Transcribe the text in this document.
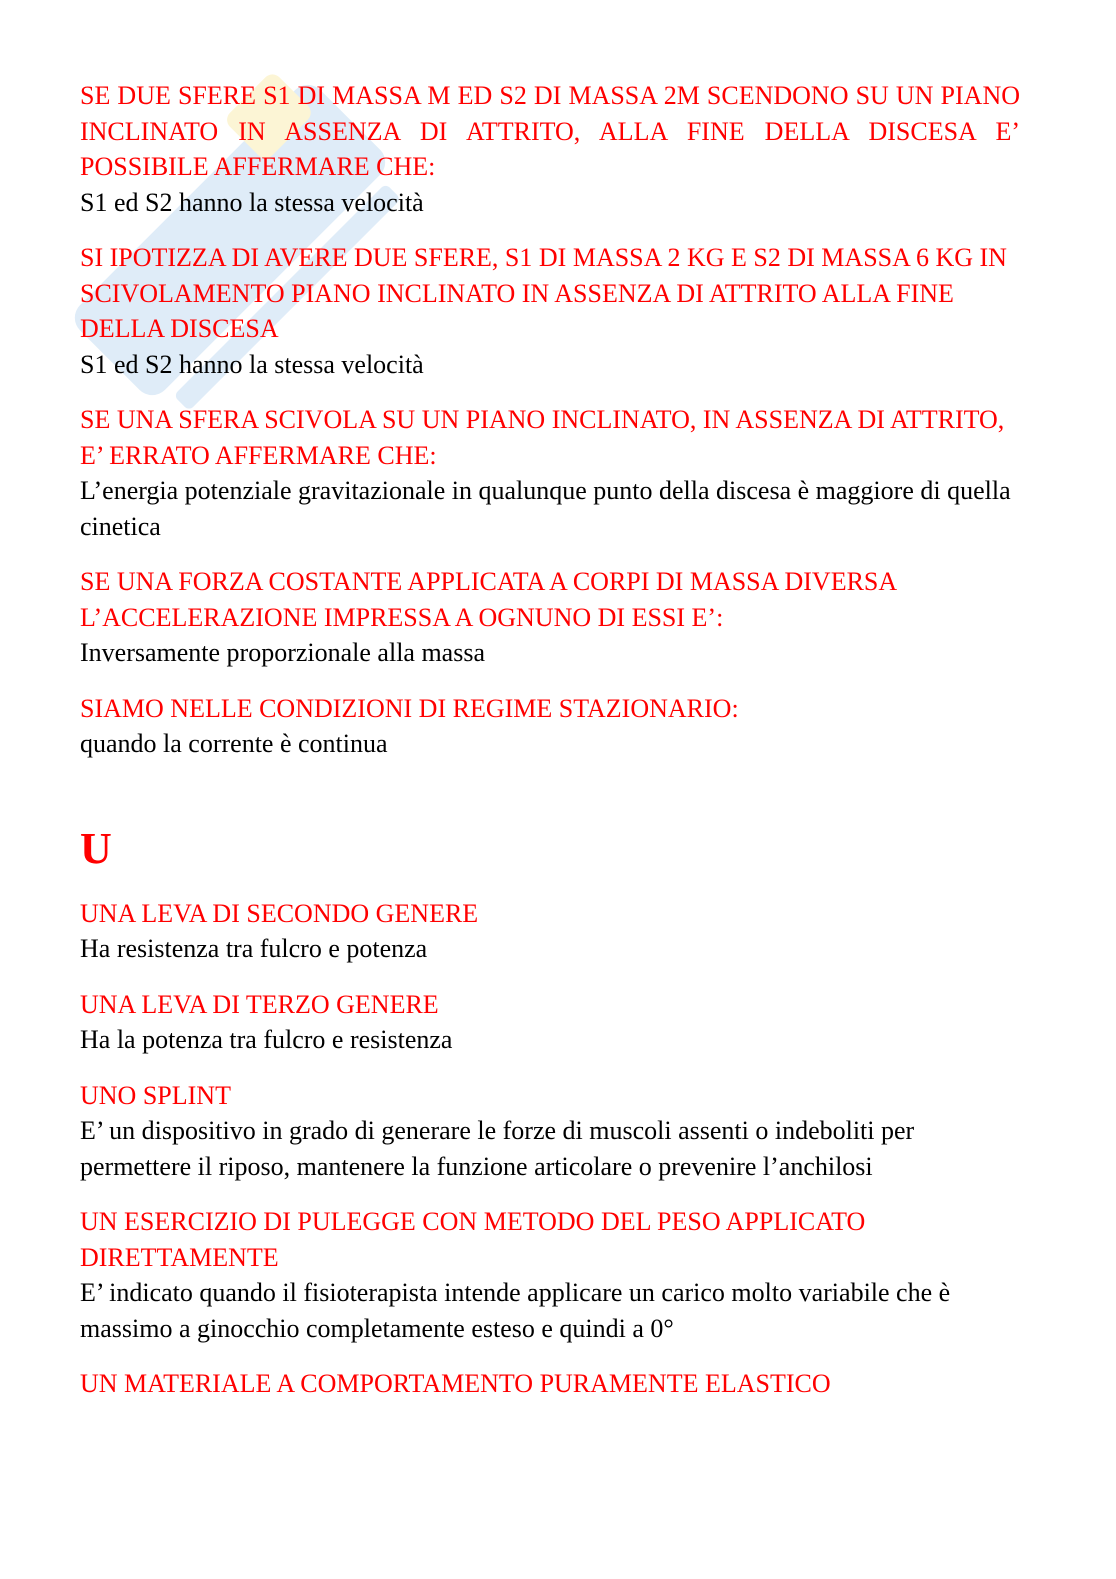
SE DUE SFERE S1 DI MASSA M ED S2 DI MASSA 2M SCENDONO SU UN PIANO INCLINATO IN ASSENZA DI ATTRITO, ALLA FINE DELLA DISCESA E’ POSSIBILE AFFERMARE CHE:
S1 ed S2 hanno la stessa velocità
SI IPOTIZZA DI AVERE DUE SFERE, S1 DI MASSA 2 KG E S2 DI MASSA 6 KG IN SCIVOLAMENTO PIANO INCLINATO IN ASSENZA DI ATTRITO ALLA FINE DELLA DISCESA
S1 ed S2 hanno la stessa velocità
SE UNA SFERA SCIVOLA SU UN PIANO INCLINATO, IN ASSENZA DI ATTRITO, E’ ERRATO AFFERMARE CHE:
L’energia potenziale gravitazionale in qualunque punto della discesa è maggiore di quella cinetica
SE UNA FORZA COSTANTE APPLICATA A CORPI DI MASSA DIVERSA L’ACCELERAZIONE IMPRESSA A OGNUNO DI ESSI E’:
Inversamente proporzionale alla massa
SIAMO NELLE CONDIZIONI DI REGIME STAZIONARIO:
quando la corrente è continua
U
UNA LEVA DI SECONDO GENERE
Ha resistenza tra fulcro e potenza
UNA LEVA DI TERZO GENERE
Ha la potenza tra fulcro e resistenza
UNO SPLINT
E’ un dispositivo in grado di generare le forze di muscoli assenti o indeboliti per permettere il riposo, mantenere la funzione articolare o prevenire l’anchilosi
UN ESERCIZIO DI PULEGGE CON METODO DEL PESO APPLICATO DIRETTAMENTE
E’ indicato quando il fisioterapista intende applicare un carico molto variabile che è massimo a ginocchio completamente esteso e quindi a 0°
UN MATERIALE A COMPORTAMENTO PURAMENTE ELASTICO
